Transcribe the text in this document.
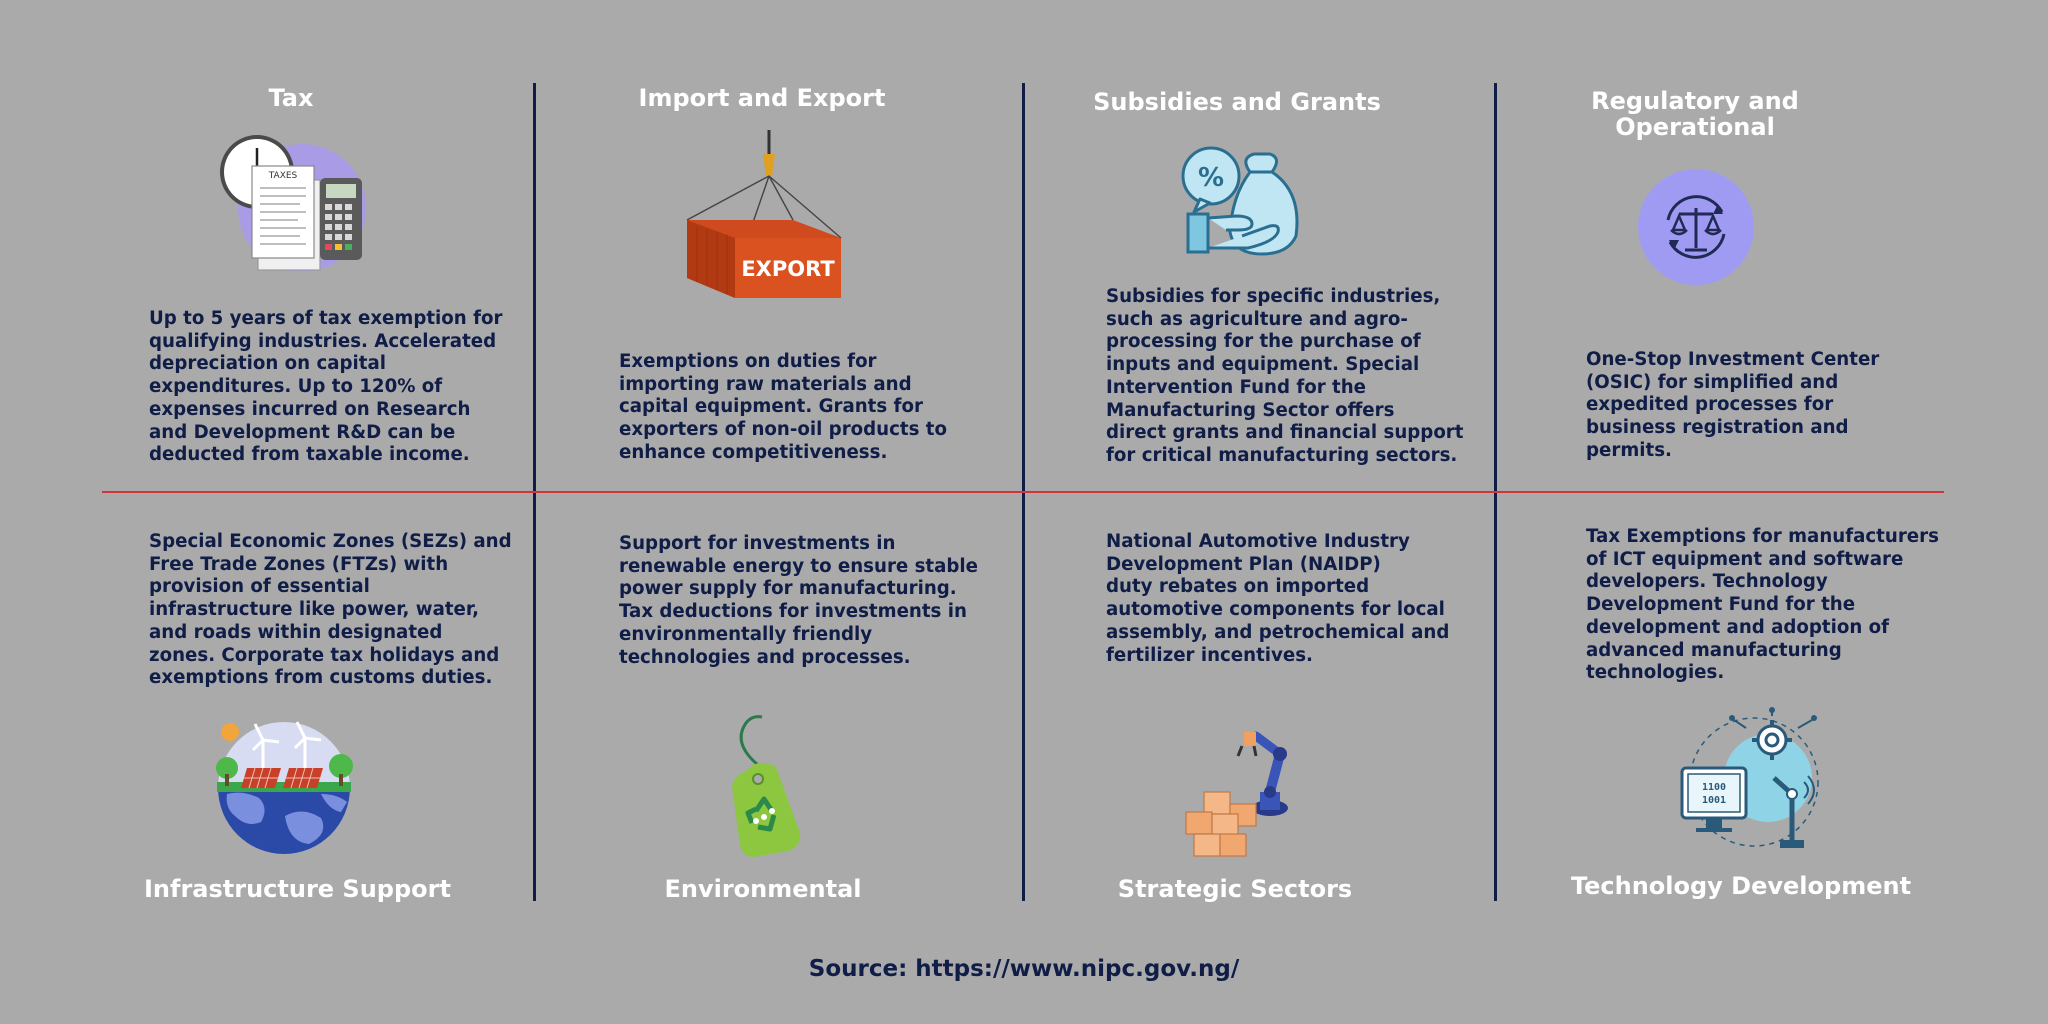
Tax
TAXES

Up to 5 years of tax exemption for
qualifying industries. Accelerated
depreciation on capital
expenditures. Up to 120% of
expenses incurred on Research
and Development R&D can be
deducted from taxable income.

Import and Export
EXPORT

Exemptions on duties for
importing raw materials and
capital equipment. Grants for
exporters of non-oil products to
enhance competitiveness.

Subsidies and Grants
%

Subsidies for specific industries,
such as agriculture and agro-
processing for the purchase of
inputs and equipment. Special
Intervention Fund for the
Manufacturing Sector offers
direct grants and financial support
for critical manufacturing sectors.

Regulatory and
Operational

One-Stop Investment Center
(OSIC) for simplified and
expedited processes for
business registration and
permits.

Special Economic Zones (SEZs) and
Free Trade Zones (FTZs) with
provision of essential
infrastructure like power, water,
and roads within designated
zones. Corporate tax holidays and
exemptions from customs duties.

Infrastructure Support

Support for investments in
renewable energy to ensure stable
power supply for manufacturing.
Tax deductions for investments in
environmentally friendly
technologies and processes.

Environmental

National Automotive Industry
Development Plan (NAIDP)
duty rebates on imported
automotive components for local
assembly, and petrochemical and
fertilizer incentives.

Strategic Sectors

Tax Exemptions for manufacturers
of ICT equipment and software
developers. Technology
Development Fund for the
development and adoption of
advanced manufacturing
technologies.

1100
1001
Technology Development
Source: https://www.nipc.gov.ng/
